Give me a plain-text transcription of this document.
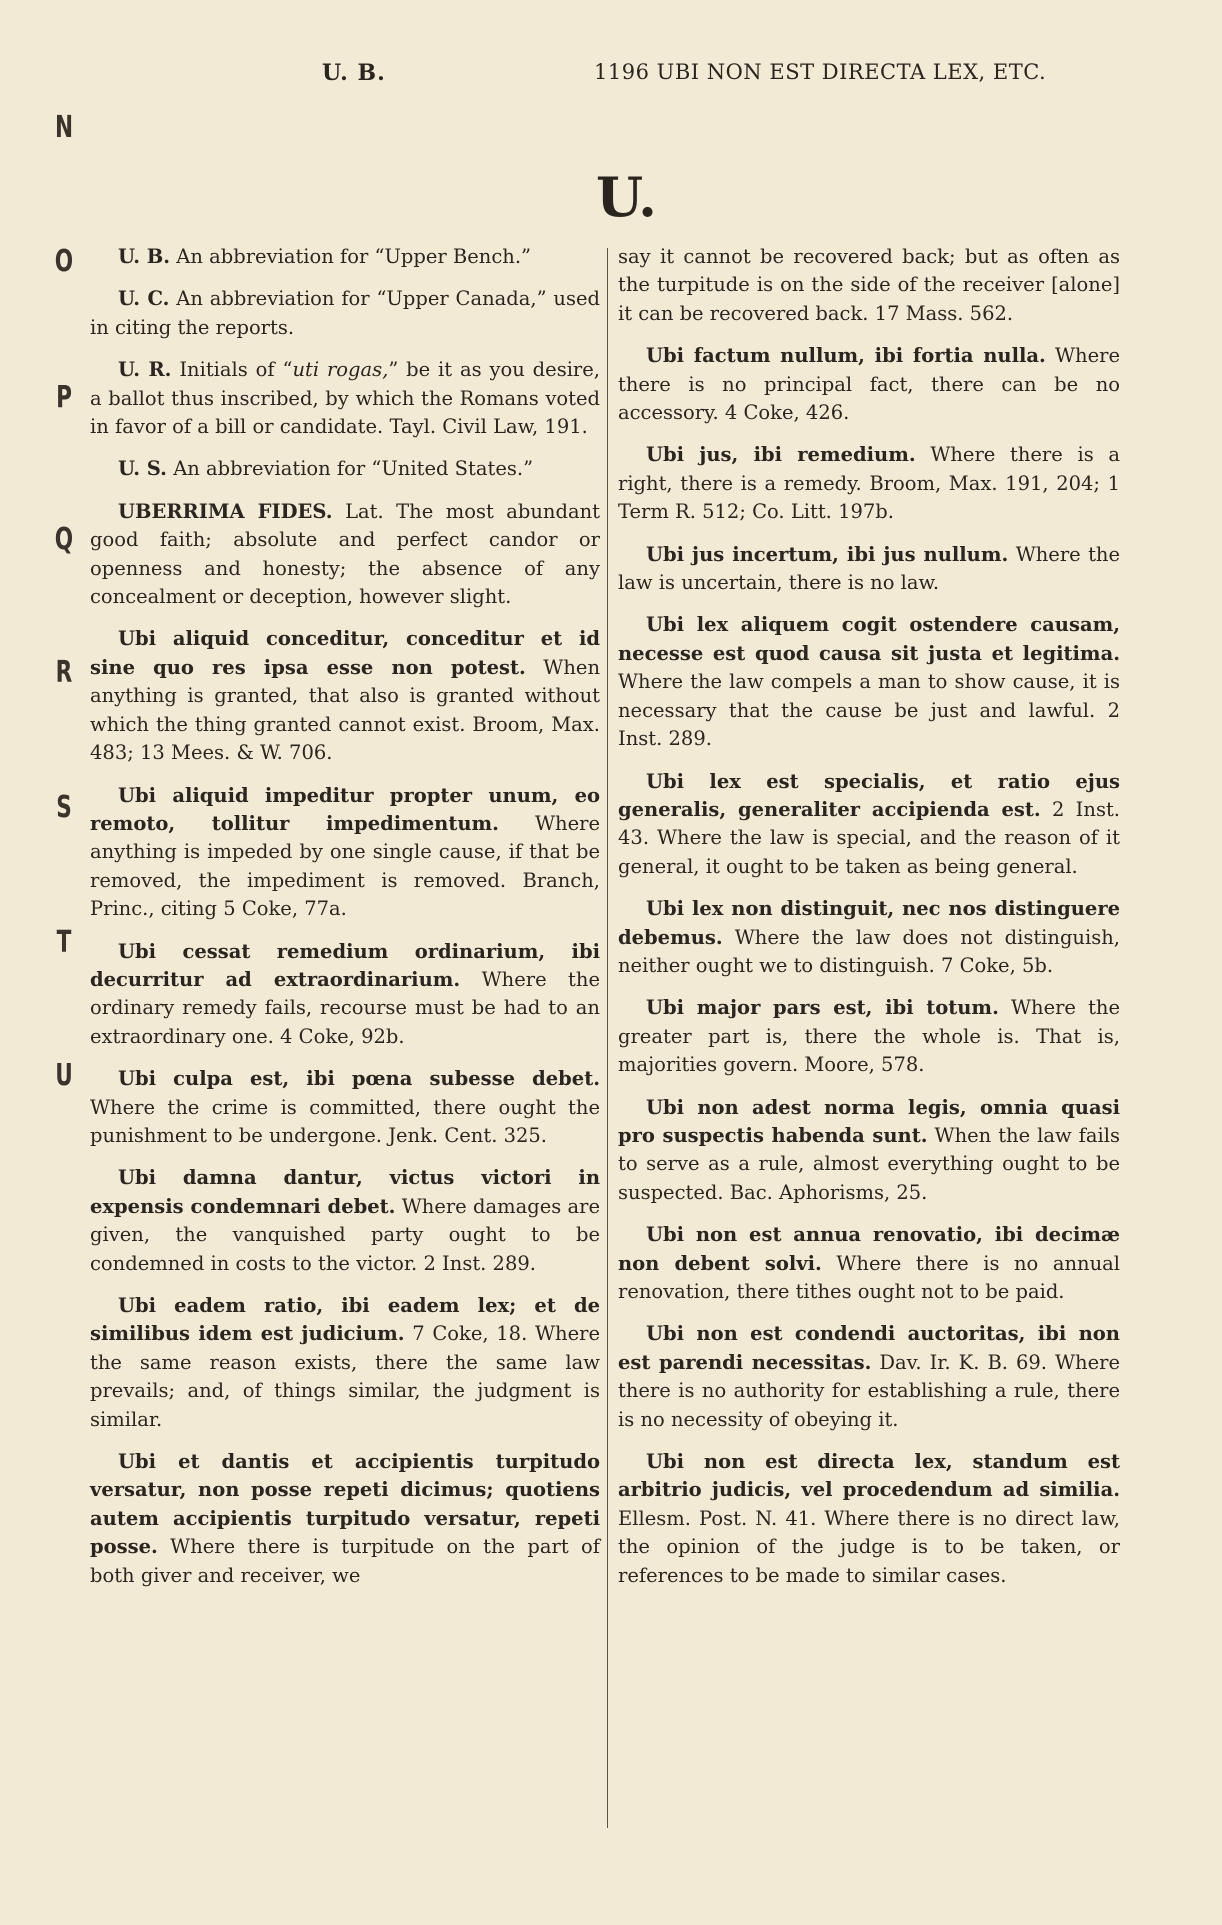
U. B.	1196 UBI NON EST DIRECTA LEX, ETC.
U.
N
O
P
Q
R
S
T
U

U. B. An abbreviation for “Upper Bench.”

U. C. An abbreviation for “Upper Canada,” used in citing the reports.

U. R. Initials of “uti rogas,” be it as you desire, a ballot thus inscribed, by which the Romans voted in favor of a bill or candidate. Tayl. Civil Law, 191.

U. S. An abbreviation for “United States.”

UBERRIMA FIDES. Lat. The most abundant good faith; absolute and perfect candor or openness and honesty; the absence of any concealment or deception, however slight.

Ubi aliquid conceditur, conceditur et id sine quo res ipsa esse non potest. When anything is granted, that also is granted without which the thing granted cannot exist. Broom, Max. 483; 13 Mees. & W. 706.

Ubi aliquid impeditur propter unum, eo remoto, tollitur impedimentum. Where anything is impeded by one single cause, if that be removed, the impediment is removed. Branch, Princ., citing 5 Coke, 77a.

Ubi cessat remedium ordinarium, ibi decurritur ad extraordinarium. Where the ordinary remedy fails, recourse must be had to an extraordinary one. 4 Coke, 92b.

Ubi culpa est, ibi pœna subesse debet. Where the crime is committed, there ought the punishment to be undergone. Jenk. Cent. 325.

Ubi damna dantur, victus victori in expensis condemnari debet. Where damages are given, the vanquished party ought to be condemned in costs to the victor. 2 Inst. 289.

Ubi eadem ratio, ibi eadem lex; et de similibus idem est judicium. 7 Coke, 18. Where the same reason exists, there the same law prevails; and, of things similar, the judgment is similar.

Ubi et dantis et accipientis turpitudo versatur, non posse repeti dicimus; quotiens autem accipientis turpitudo versatur, repeti posse. Where there is turpitude on the part of both giver and receiver, we

say it cannot be recovered back; but as often as the turpitude is on the side of the receiver [alone] it can be recovered back. 17 Mass. 562.

Ubi factum nullum, ibi fortia nulla. Where there is no principal fact, there can be no accessory. 4 Coke, 426.

Ubi jus, ibi remedium. Where there is a right, there is a remedy. Broom, Max. 191, 204; 1 Term R. 512; Co. Litt. 197b.

Ubi jus incertum, ibi jus nullum. Where the law is uncertain, there is no law.

Ubi lex aliquem cogit ostendere causam, necesse est quod causa sit justa et legitima. Where the law compels a man to show cause, it is necessary that the cause be just and lawful. 2 Inst. 289.

Ubi lex est specialis, et ratio ejus generalis, generaliter accipienda est. 2 Inst. 43. Where the law is special, and the reason of it general, it ought to be taken as being general.

Ubi lex non distinguit, nec nos distinguere debemus. Where the law does not distinguish, neither ought we to distinguish. 7 Coke, 5b.

Ubi major pars est, ibi totum. Where the greater part is, there the whole is. That is, majorities govern. Moore, 578.

Ubi non adest norma legis, omnia quasi pro suspectis habenda sunt. When the law fails to serve as a rule, almost everything ought to be suspected. Bac. Aphorisms, 25.

Ubi non est annua renovatio, ibi decimæ non debent solvi. Where there is no annual renovation, there tithes ought not to be paid.

Ubi non est condendi auctoritas, ibi non est parendi necessitas. Dav. Ir. K. B. 69. Where there is no authority for establishing a rule, there is no necessity of obeying it.

Ubi non est directa lex, standum est arbitrio judicis, vel procedendum ad similia. Ellesm. Post. N. 41. Where there is no direct law, the opinion of the judge is to be taken, or references to be made to similar cases.
